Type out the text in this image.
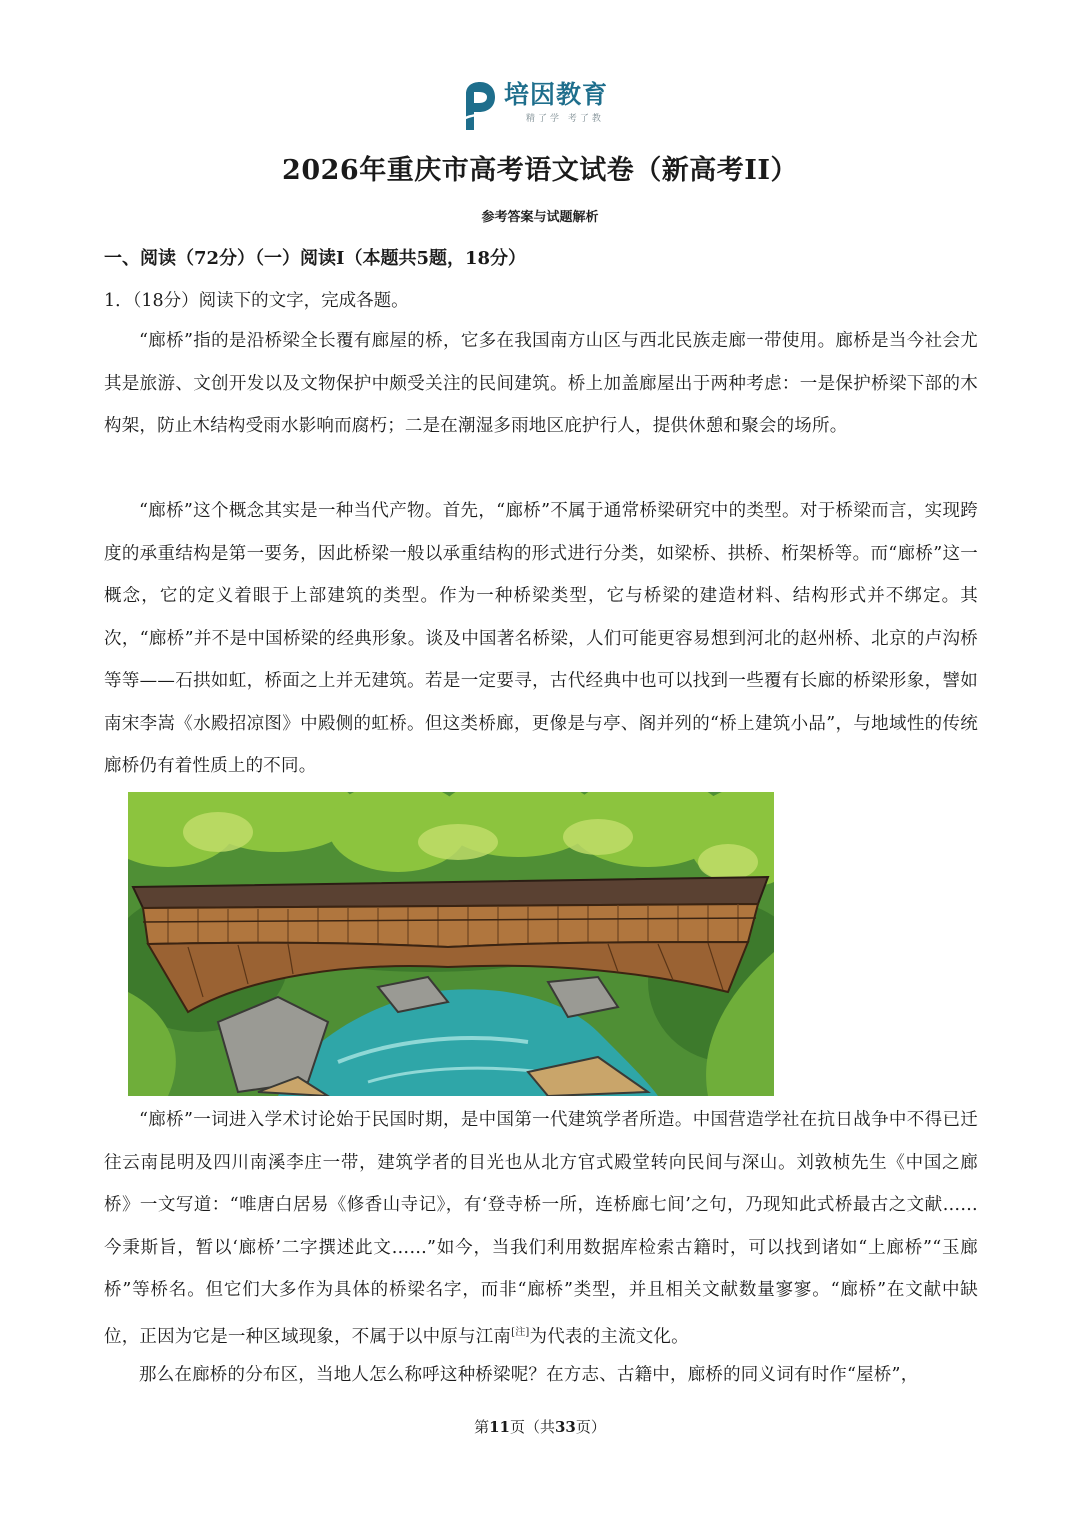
培因教育
精了学 考了教
2026年重庆市高考语文试卷（新高考II）
参考答案与试题解析
一、阅读（72分）（一）阅读I（本题共5题，18分）
1．（18分）阅读下的文字，完成各题。

“廊桥”指的是沿桥梁全长覆有廊屋的桥，它多在我国南方山区与西北民族走廊一带使用。廊桥是当今社会尤其是旅游、文创开发以及文物保护中颇受关注的民间建筑。桥上加盖廊屋出于两种考虑：一是保护桥梁下部的木构架，防止木结构受雨水影响而腐朽；二是在潮湿多雨地区庇护行人，提供休憩和聚会的场所。

“廊桥”这个概念其实是一种当代产物。首先，“廊桥”不属于通常桥梁研究中的类型。对于桥梁而言，实现跨度的承重结构是第一要务，因此桥梁一般以承重结构的形式进行分类，如梁桥、拱桥、桁架桥等。而“廊桥”这一概念，它的定义着眼于上部建筑的类型。作为一种桥梁类型，它与桥梁的建造材料、结构形式并不绑定。其次，“廊桥”并不是中国桥梁的经典形象。谈及中国著名桥梁，人们可能更容易想到河北的赵州桥、北京的卢沟桥等等——石拱如虹，桥面之上并无建筑。若是一定要寻，古代经典中也可以找到一些覆有长廊的桥梁形象，譬如南宋李嵩《水殿招凉图》中殿侧的虹桥。但这类桥廊，更像是与亭、阁并列的“桥上建筑小品”，与地域性的传统廊桥仍有着性质上的不同。

“廊桥”一词进入学术讨论始于民国时期，是中国第一代建筑学者所造。中国营造学社在抗日战争中不得已迁往云南昆明及四川南溪李庄一带，建筑学者的目光也从北方官式殿堂转向民间与深山。刘敦桢先生《中国之廊桥》一文写道：“唯唐白居易《修香山寺记》，有‘登寺桥一所，连桥廊七间’之句，乃现知此式桥最古之文献……今秉斯旨，暂以‘廊桥’二字撰述此文……”如今，当我们利用数据库检索古籍时，可以找到诸如“上廊桥”“玉廊桥”等桥名。但它们大多作为具体的桥梁名字，而非“廊桥”类型，并且相关文献数量寥寥。“廊桥”在文献中缺位，正因为它是一种区域现象，不属于以中原与江南[注]为代表的主流文化。

那么在廊桥的分布区，当地人怎么称呼这种桥梁呢？在方志、古籍中，廊桥的同义词有时作“屋桥”，

第11页（共33页）
